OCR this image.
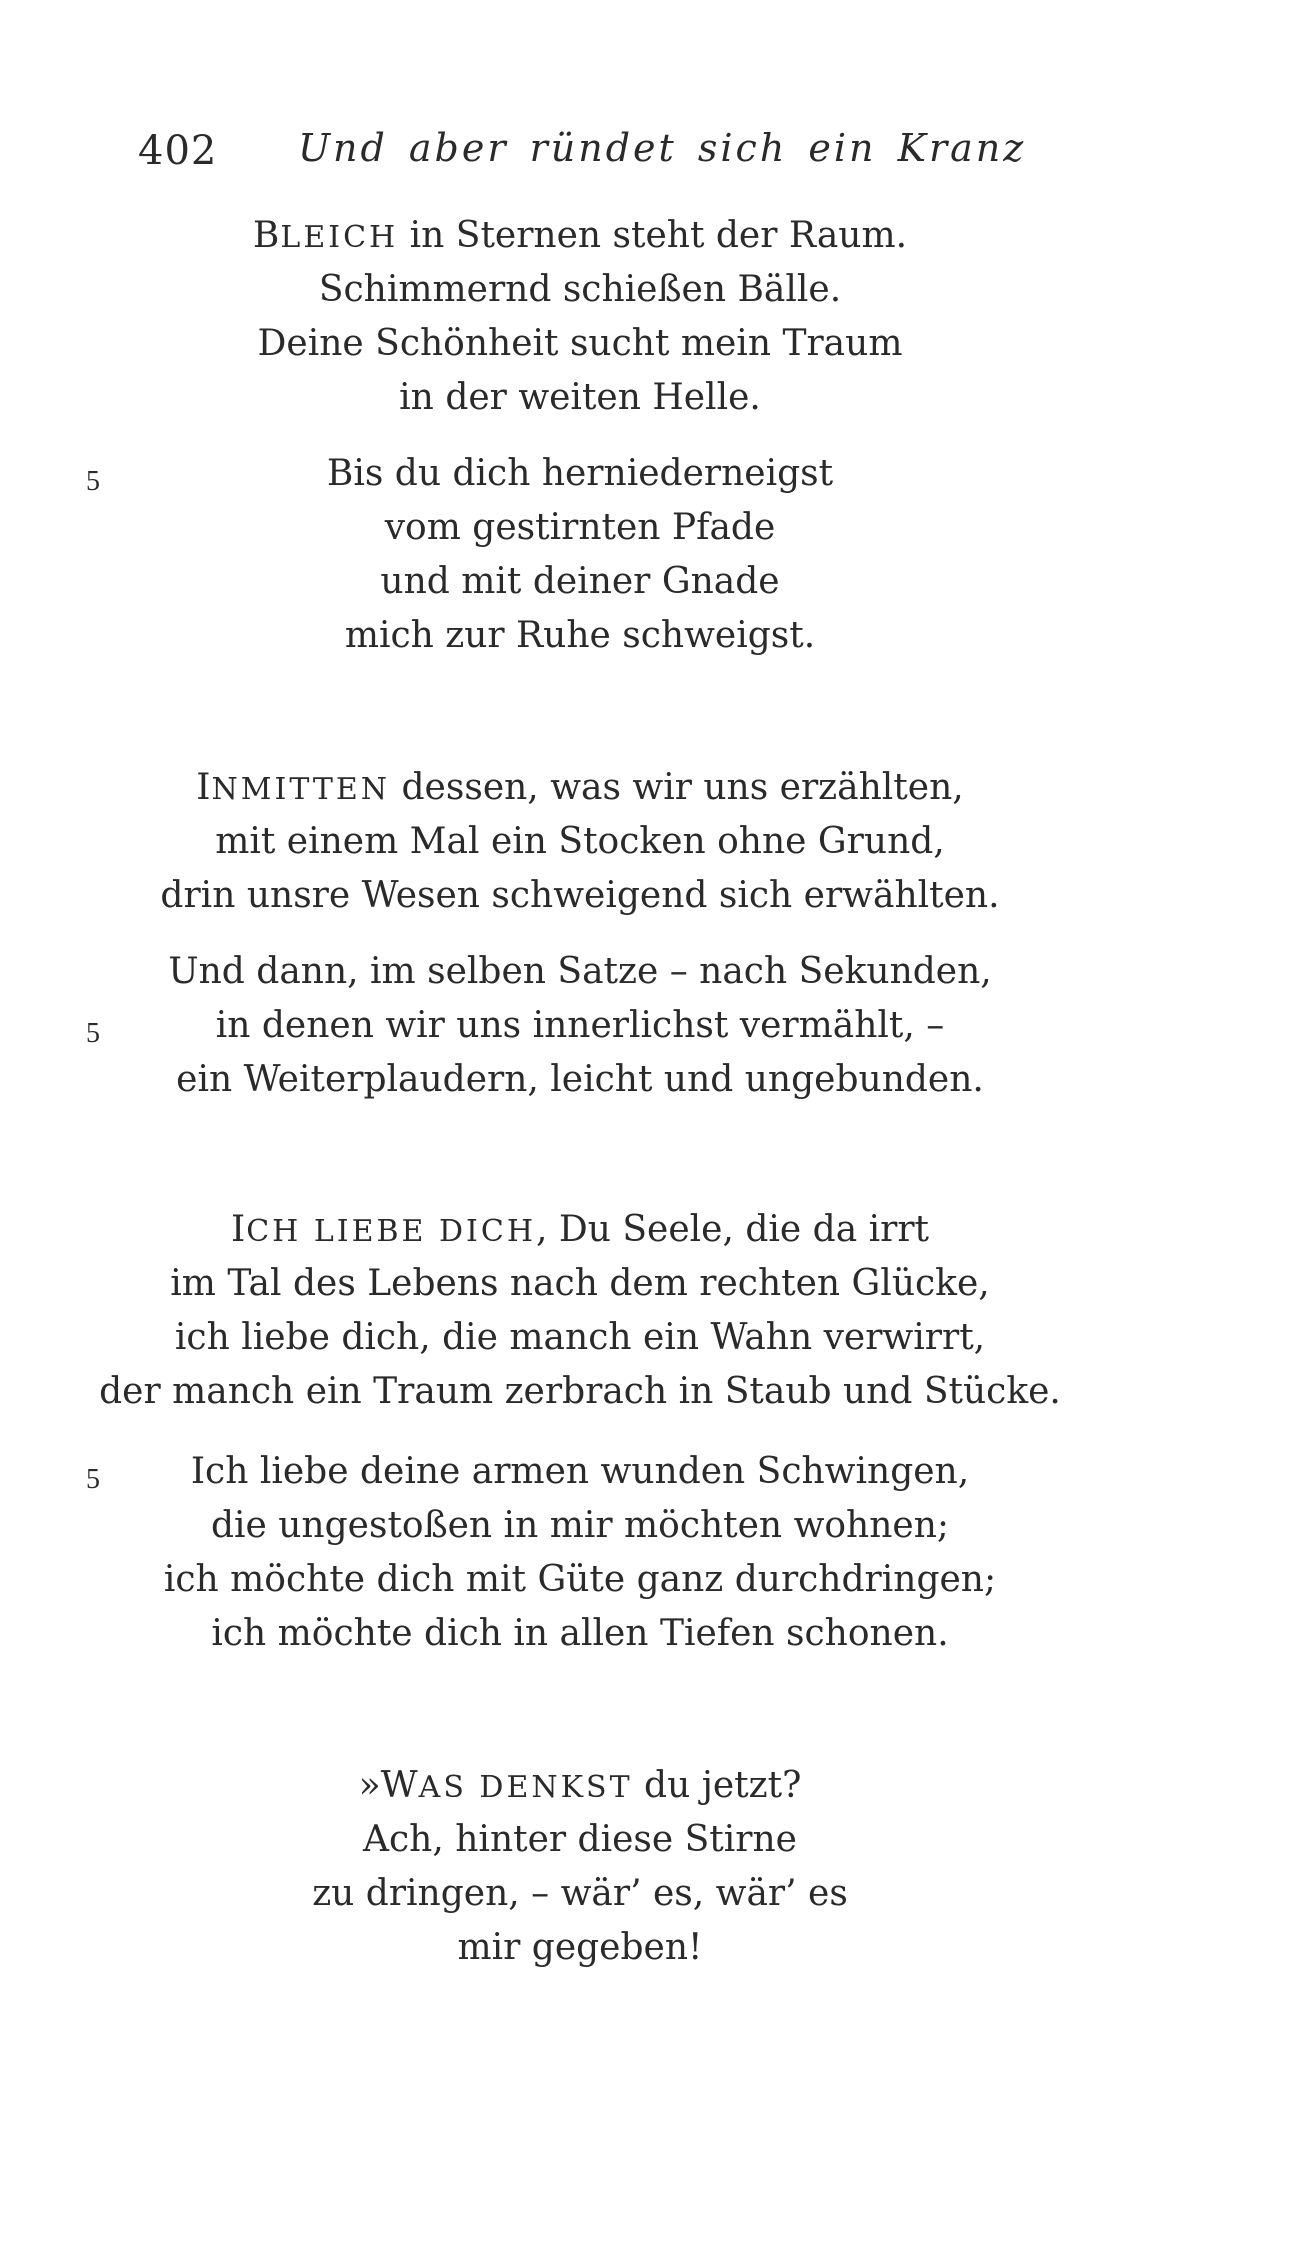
402 Und aber ründet sich ein Kranz
BLEICH in Sternen steht der Raum.
Schimmernd schießen Bälle.
Deine Schönheit sucht mein Traum
in der weiten Helle.
5	Bis du dich herniederneigst
vom gestirnten Pfade
und mit deiner Gnade
mich zur Ruhe schweigst.
INMITTEN dessen, was wir uns erzählten,
mit einem Mal ein Stocken ohne Grund,
drin unsre Wesen schweigend sich erwählten.
Und dann, im selben Satze – nach Sekunden,
5	in denen wir uns innerlichst vermählt, –
ein Weiterplaudern, leicht und ungebunden.
ICH LIEBE DICH, Du Seele, die da irrt
im Tal des Lebens nach dem rechten Glücke,
ich liebe dich, die manch ein Wahn verwirrt,
der manch ein Traum zerbrach in Staub und Stücke.
5	Ich liebe deine armen wunden Schwingen,
die ungestoßen in mir möchten wohnen;
ich möchte dich mit Güte ganz durchdringen;
ich möchte dich in allen Tiefen schonen.
»WAS DENKST du jetzt?
Ach, hinter diese Stirne
zu dringen, – wär’ es, wär’ es
mir gegeben!
